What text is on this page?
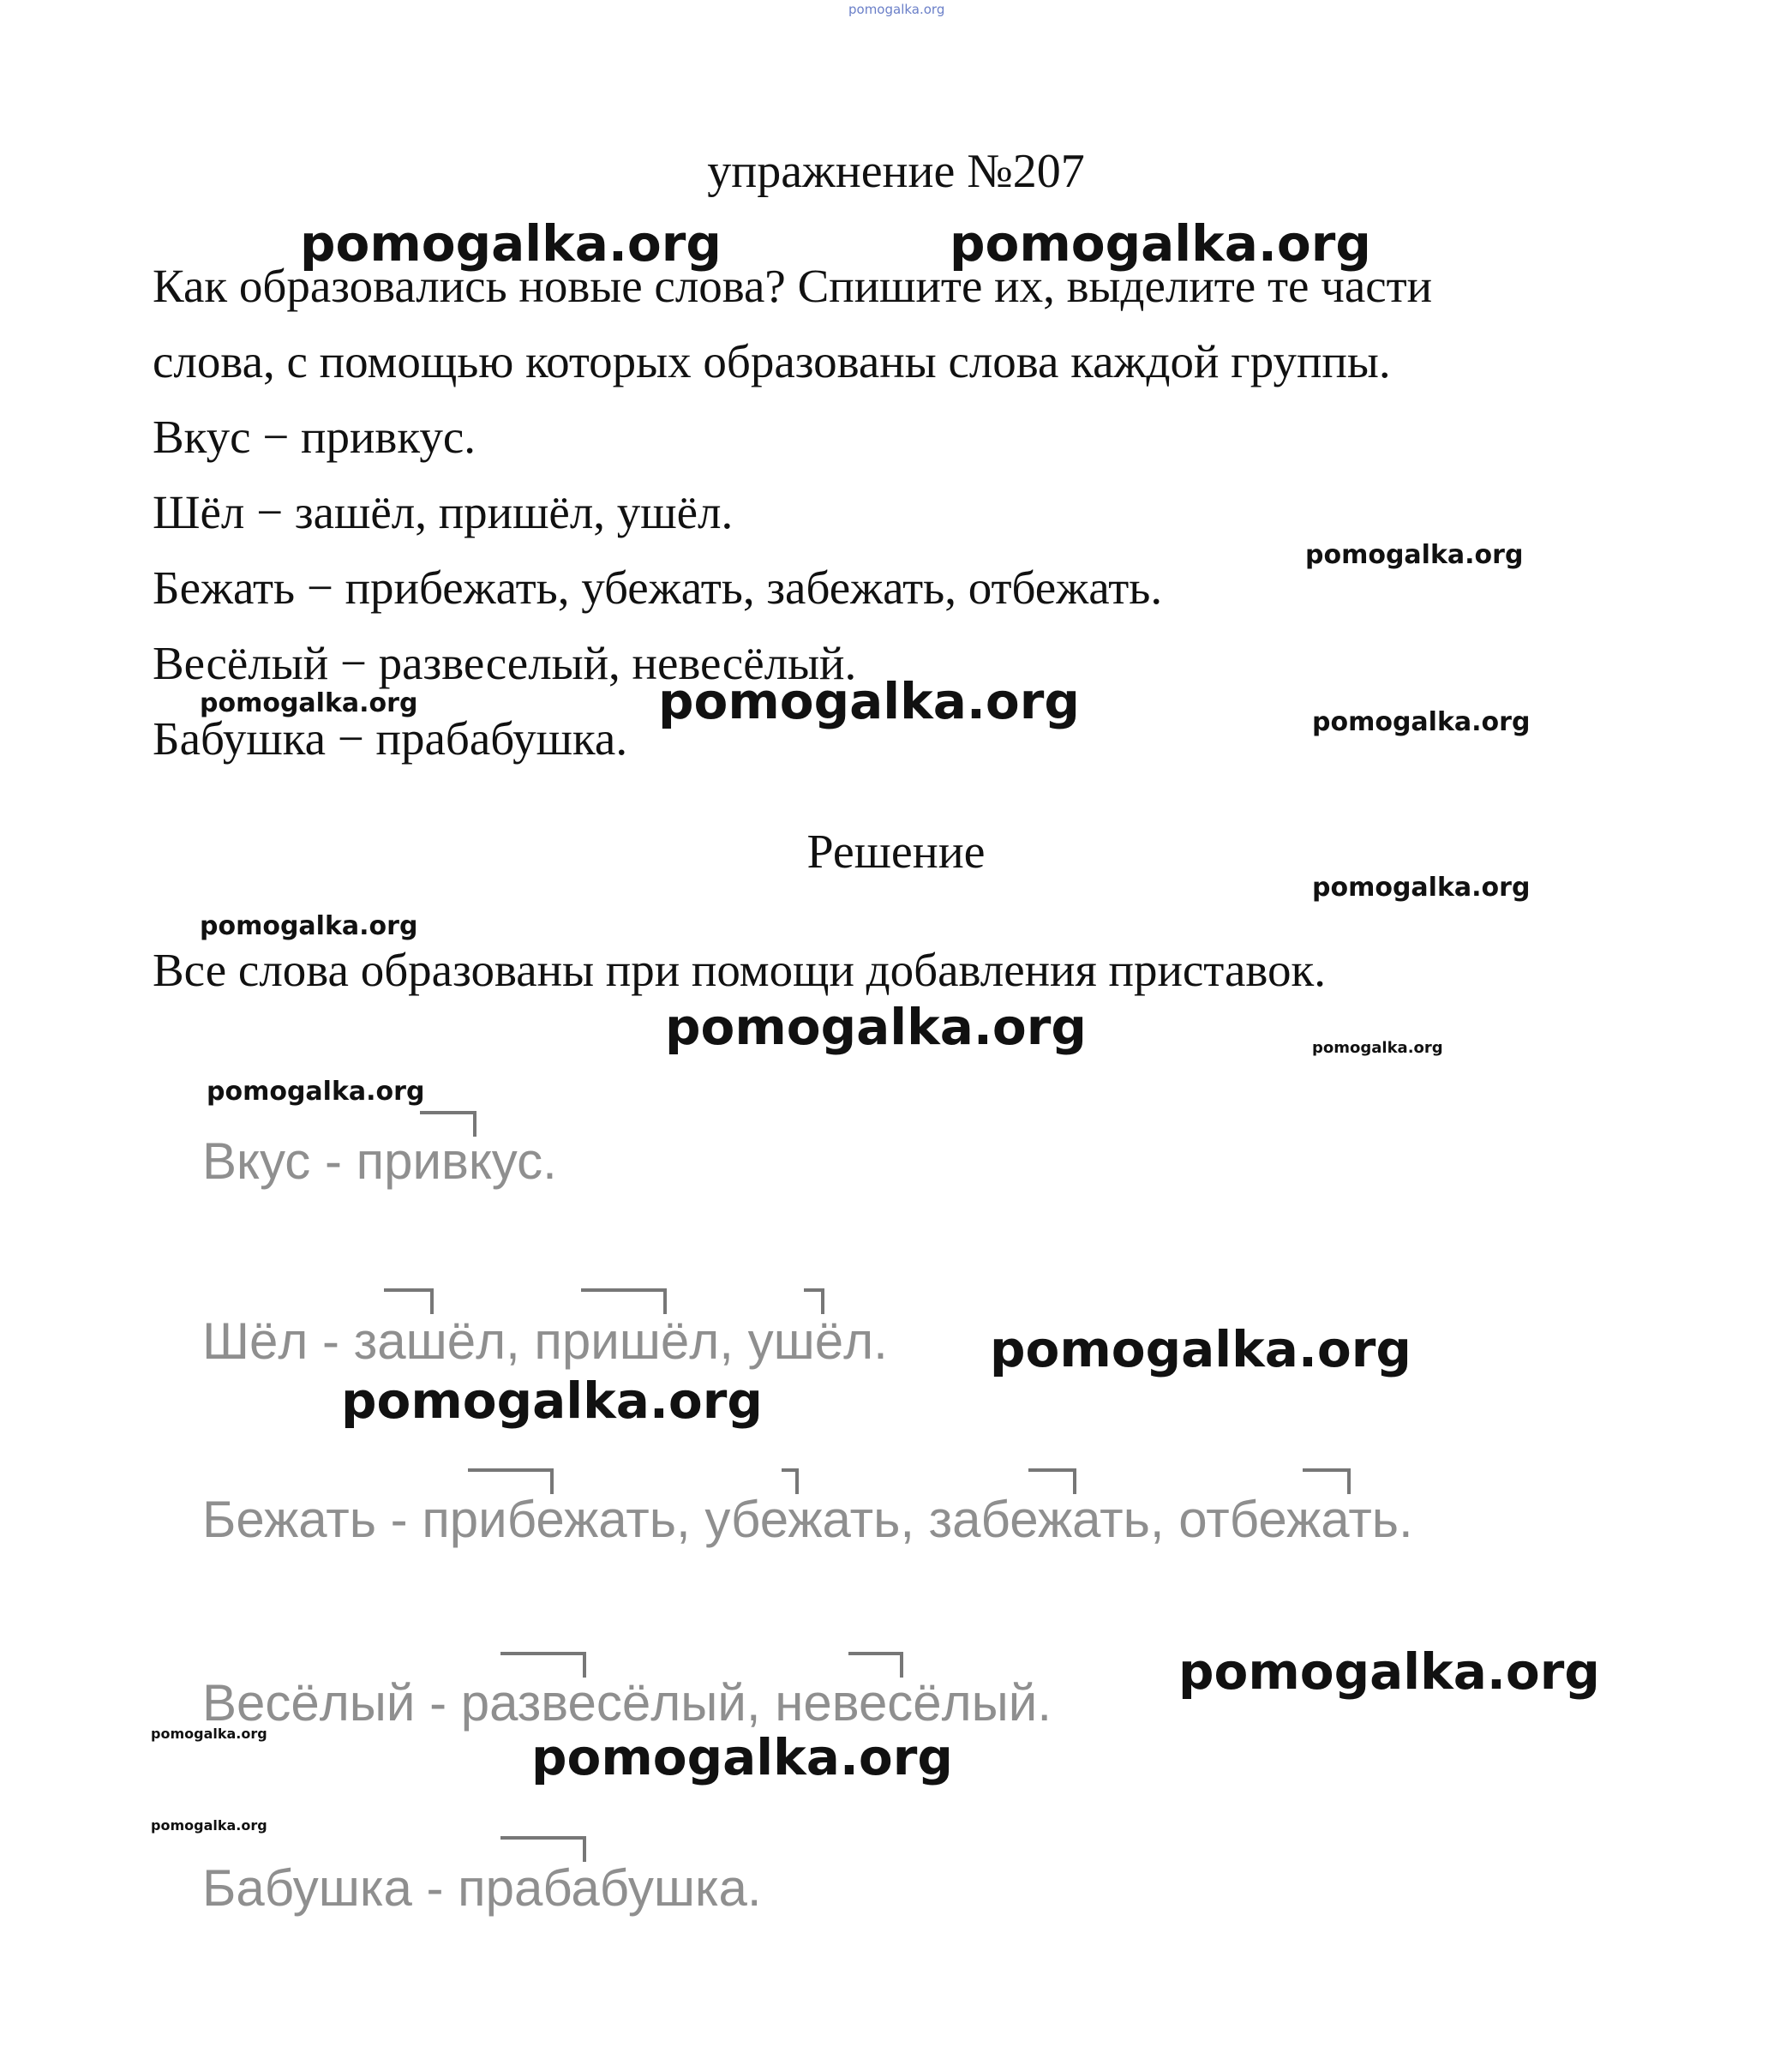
pomogalka.org
упражнение №207
Как образовались новые слова? Спишите их, выделите те части
слова, с помощью которых образованы слова каждой группы.
Вкус − привкус.
Шёл − зашёл, пришёл, ушёл.
Бежать − прибежать, убежать, забежать, отбежать.
Весёлый − развеселый, невесёлый.
Бабушка − прабабушка.
Решение
Все слова образованы при помощи добавления приставок.
Вкус - привкус.
Шёл - зашёл, пришёл, ушёл.
Бежать - прибежать, убежать, забежать, отбежать.
Весёлый - развесёлый, невесёлый.
Бабушка - прабабушка.
pomogalka.org	pomogalka.org
pomogalka.org
pomogalka.org	pomogalka.org	pomogalka.org
pomogalka.org
pomogalka.org
pomogalka.org	pomogalka.org
pomogalka.org
pomogalka.org
pomogalka.org
pomogalka.org
pomogalka.org	pomogalka.org
pomogalka.org
